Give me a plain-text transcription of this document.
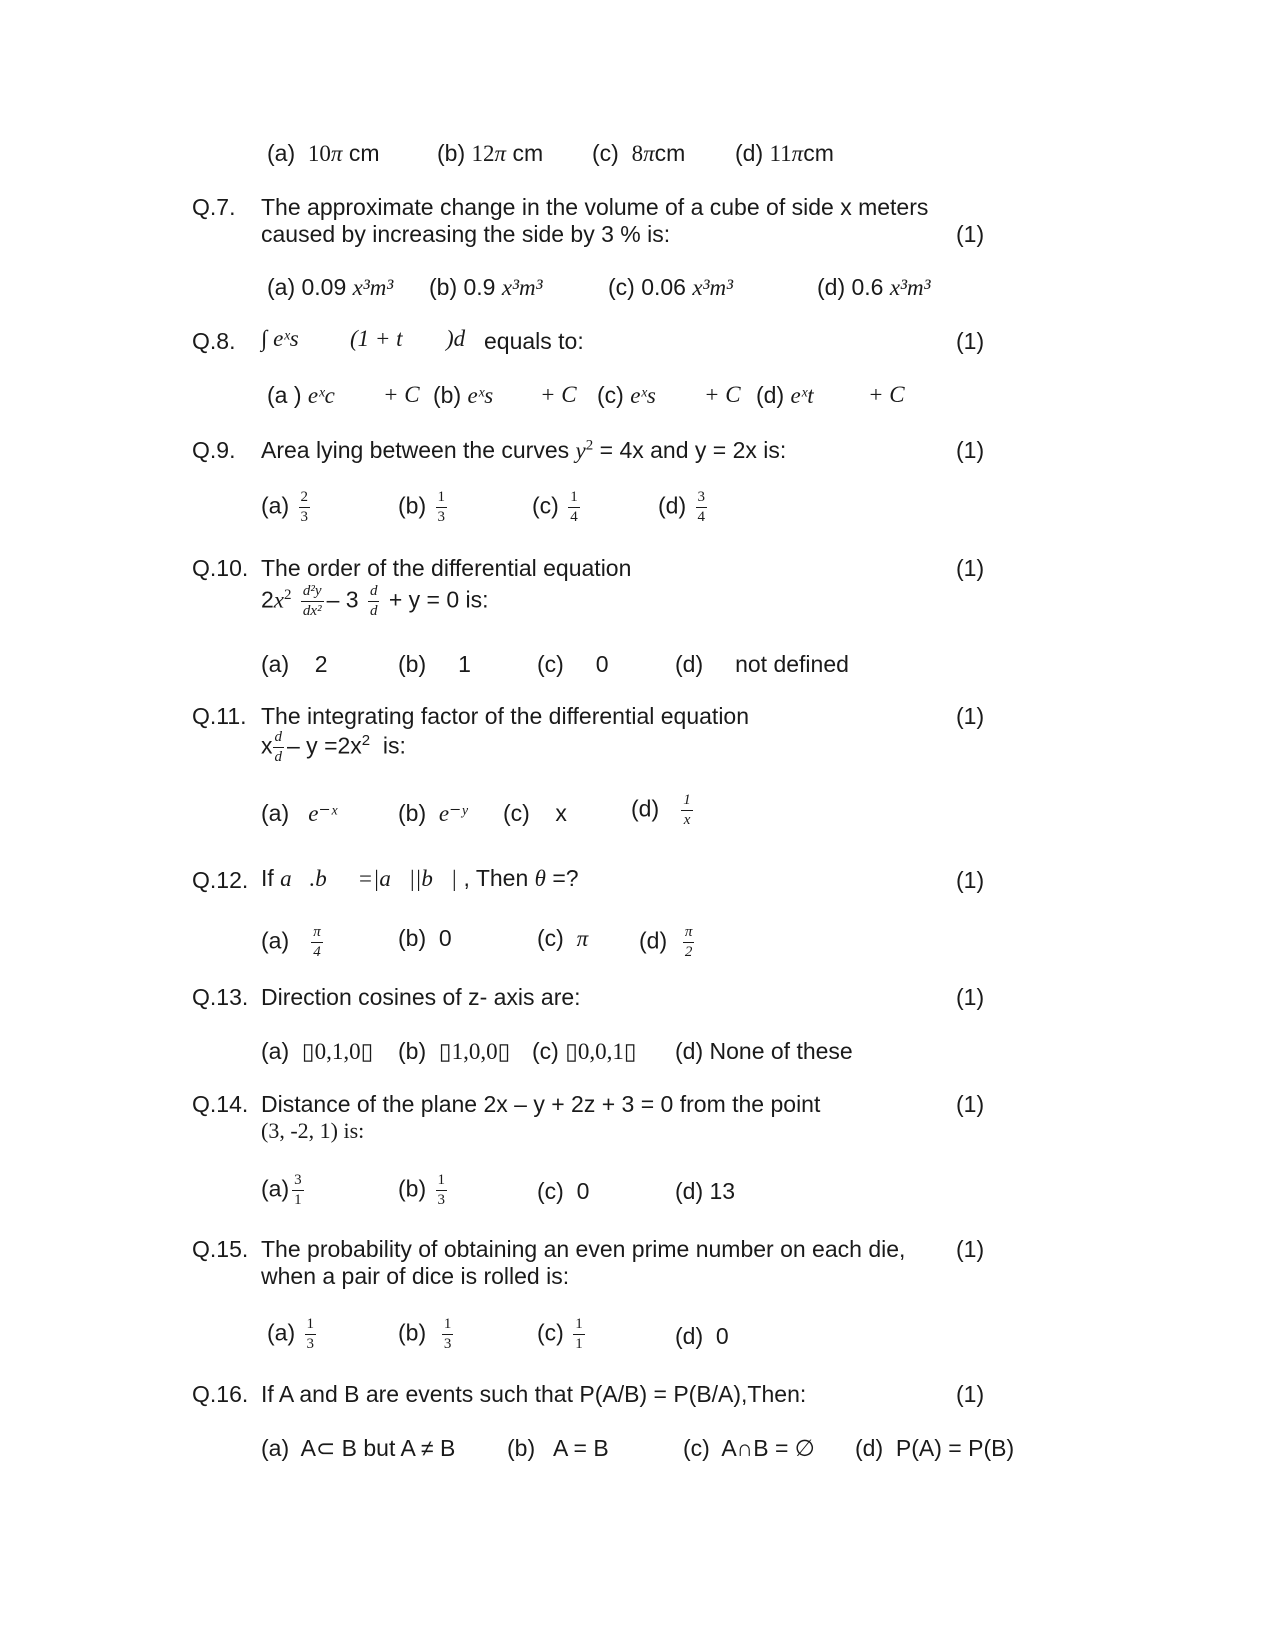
(a) 10π cm	(b) 12π cm (c) 8πcm (d) 11πcm
Q.7. The approximate change in the volume of a cube of side x meters
caused by increasing the side by 3 % is:	(1)
(a) 0.09 x³m³ (b) 0.9 x³m³	(c) 0.06 x³m³	(d) 0.6 x³m³
Q.8. ∫ eˣs (1 + t )d equals to:	(1)
(a ) eˣc + C (b) eˣs + C (c) eˣs + C (d) eˣt + C
Q.9. Area lying between the curves $y^2 = 4x$ and y = 2x is:	(1)
$(a) \frac{2}{3}$	$(b) \frac{1}{3}$	$(c) \frac{1}{4}$	$(d) \frac{3}{4}$
Q.10. The order of the differential equation	(1)
$2x^2 \frac{\text{d²y}}{\text{dx²}} - 3 \frac{d}{d} + y = 0$ is:
(a) 2	(b) 1	(c) 0	(d) not defined
Q.11. The integrating factor of the differential equation	(1)
x $\frac{d}{d} - y =2x^2$ is:
(a) e⁻ˣ	(b) e⁻ʸ (c) x	$(d) \frac{1}{x}$
Q.12. If a⃗.b⃗ =|a⃗||b⃗| , Then θ =?	(1)
$(a) \frac{\pi}{4}$	(b) 0	(c) π $(d) \frac{\pi}{2}$
Q.13. Direction cosines of z- axis are:	(1)
(a) ▯0,1,0▯ (b) ▯1,0,0▯ (c) ▯0,0,1▯ (d) None of these
Q.14. Distance of the plane 2x – y + 2z + 3 = 0 from the point
(3, -2, 1) is:
(1)
$(a) \frac{3}{1}$	$(b) \frac{1}{3}$	(c) 0	(d) 13
Q.15. The probability of obtaining an even prime number on each die,
when a pair of dice is rolled is:
(1)
$(a) \frac{1}{3}$	$(b) \frac{1}{3}$	$(c) \frac{1}{1}$	(d) 0
Q.16. If A and B are events such that P(A/B) = P(B/A),Then:	(1)
(a) A⊂ B but A ≠ B (b) A = B	(c) A∩B = ∅ (d) P(A) = P(B)
